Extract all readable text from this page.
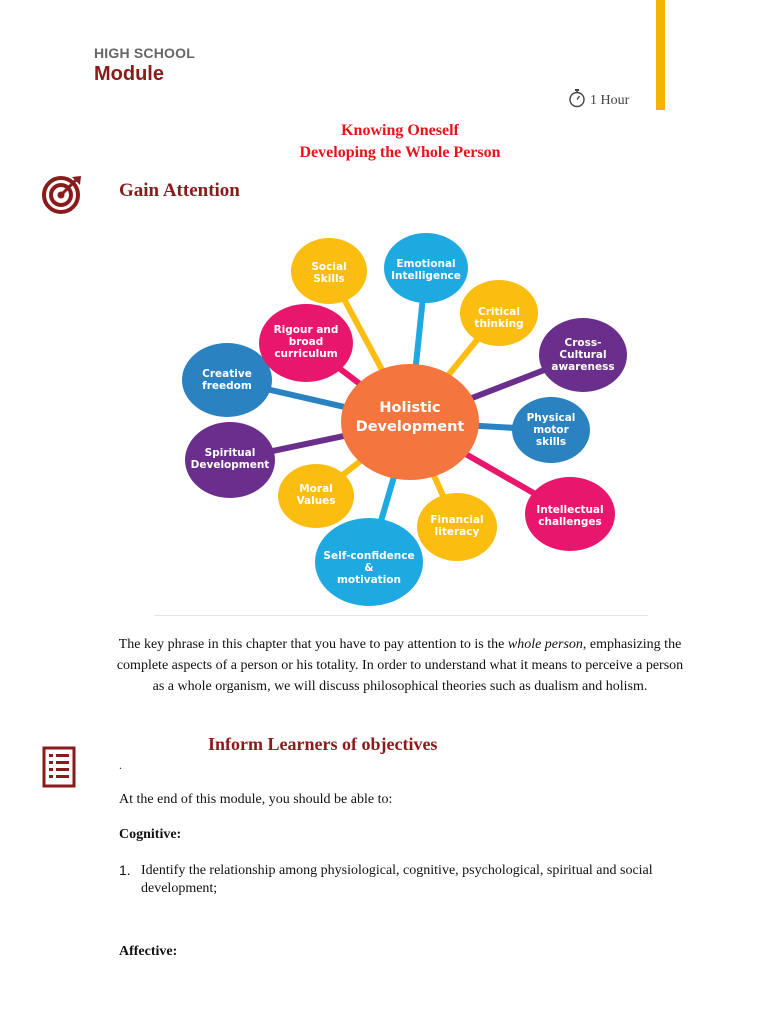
HIGH SCHOOL
Module
1 Hour
Knowing Oneself
Developing the Whole Person
Gain Attention
Social
Skills
Emotional
Intelligence
Critical
thinking
Cross-
Cultural
awareness
Physical
motor
skills
Intellectual
challenges
Financial
literacy
Self-confidence
&
motivation
Moral
Values
Spiritual
Development
Creative
freedom
Rigour and
broad
curriculum
Holistic
Development
The key phrase in this chapter that you have to pay attention to is the whole person, emphasizing the complete aspects of a person or his totality. In order to understand what it means to perceive a person as a whole organism, we will discuss philosophical theories such as dualism and holism.
Inform Learners of objectives
.
At the end of this module, you should be able to:
Cognitive:
1. Identify the relationship among physiological, cognitive, psychological, spiritual and social development;
Affective:
